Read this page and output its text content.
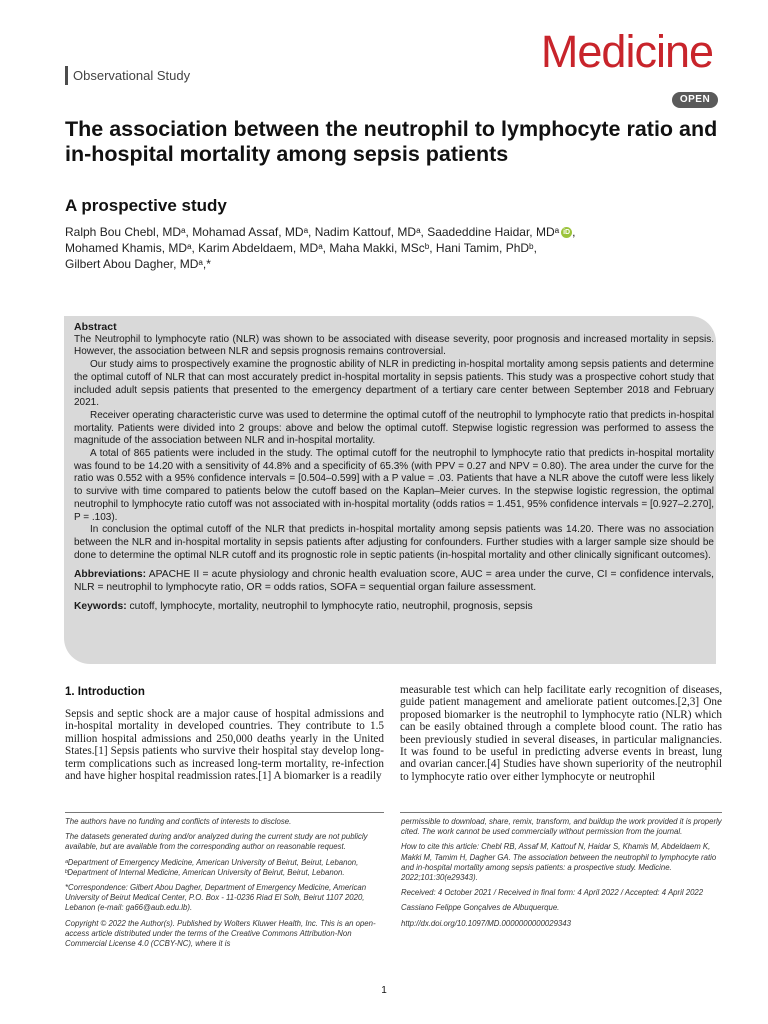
Observational Study	Medicine
OPEN
The association between the neutrophil to lymphocyte ratio and in-hospital mortality among sepsis patients
A prospective study
Ralph Bou Chebl, MDᵃ, Mohamad Assaf, MDᵃ, Nadim Kattouf, MDᵃ, Saadeddine Haidar, MDᵃ iD ,
Mohamed Khamis, MDᵃ, Karim Abdeldaem, MDᵃ, Maha Makki, MScᵇ, Hani Tamim, PhDᵇ,
Gilbert Abou Dagher, MDᵃ,*

Abstract

The Neutrophil to lymphocyte ratio (NLR) was shown to be associated with disease severity, poor prognosis and increased mortality in sepsis. However, the association between NLR and sepsis prognosis remains controversial.

Our study aims to prospectively examine the prognostic ability of NLR in predicting in-hospital mortality among sepsis patients and determine the optimal cutoff of NLR that can most accurately predict in-hospital mortality in sepsis patients. This study was a prospective cohort study that included adult sepsis patients that presented to the emergency department of a tertiary care center between September 2018 and February 2021.

Receiver operating characteristic curve was used to determine the optimal cutoff of the neutrophil to lymphocyte ratio that predicts in-hospital mortality. Patients were divided into 2 groups: above and below the optimal cutoff. Stepwise logistic regression was performed to assess the magnitude of the association between NLR and in-hospital mortality.

A total of 865 patients were included in the study. The optimal cutoff for the neutrophil to lymphocyte ratio that predicts in-hospital mortality was found to be 14.20 with a sensitivity of 44.8% and a specificity of 65.3% (with PPV = 0.27 and NPV = 0.80). The area under the curve for the ratio was 0.552 with a 95% confidence intervals = [0.504–0.599] with a P value = .03. Patients that have a NLR above the cutoff were less likely to survive with time compared to patients below the cutoff based on the Kaplan–Meier curves. In the stepwise logistic regression, the optimal neutrophil to lymphocyte ratio cutoff was not associated with in-hospital mortality (odds ratios = 1.451, 95% confidence intervals = [0.927–2.270], P = .103).

In conclusion the optimal cutoff of the NLR that predicts in-hospital mortality among sepsis patients was 14.20. There was no association between the NLR and in-hospital mortality in sepsis patients after adjusting for confounders. Further studies with a larger sample size should be done to determine the optimal NLR cutoff and its prognostic role in septic patients (in-hospital mortality and other clinically significant outcomes).

Abbreviations: APACHE II = acute physiology and chronic health evaluation score, AUC = area under the curve, CI = confidence intervals, NLR = neutrophil to lymphocyte ratio, OR = odds ratios, SOFA = sequential organ failure assessment.

Keywords: cutoff, lymphocyte, mortality, neutrophil to lymphocyte ratio, neutrophil, prognosis, sepsis

1. Introduction

Sepsis and septic shock are a major cause of hospital admissions and in-hospital mortality in developed countries. They contribute to 1.5 million hospital admissions and 250,000 deaths yearly in the United States.[1] Sepsis patients who survive their hospital stay develop long-term complications such as increased long-term mortality, re-infection and have higher hospital readmission rates.[1] A biomarker is a readily

measurable test which can help facilitate early recognition of diseases, guide patient management and ameliorate patient outcomes.[2,3] One proposed biomarker is the neutrophil to lymphocyte ratio (NLR) which can be easily obtained through a complete blood count. The ratio has been previously studied in several diseases, in particular malignancies. It was found to be useful in predicting adverse events in breast, lung and ovarian cancer.[4] Studies have shown superiority of the neutrophil to lymphocyte ratio over either lymphocyte or neutrophil

The authors have no funding and conflicts of interests to disclose.

The datasets generated during and/or analyzed during the current study are not publicly available, but are available from the corresponding author on reasonable request.

ᵃDepartment of Emergency Medicine, American University of Beirut, Beirut, Lebanon, ᵇDepartment of Internal Medicine, American University of Beirut, Beirut, Lebanon.

*Correspondence: Gilbert Abou Dagher, Department of Emergency Medicine, American University of Beirut Medical Center, P.O. Box - 11-0236 Riad El Solh, Beirut 1107 2020, Lebanon (e-mail: ga66@aub.edu.lb).

Copyright © 2022 the Author(s). Published by Wolters Kluwer Health, Inc. This is an open-access article distributed under the terms of the Creative Commons Attribution-Non Commercial License 4.0 (CCBY-NC), where it is

permissible to download, share, remix, transform, and buildup the work provided it is properly cited. The work cannot be used commercially without permission from the journal.

How to cite this article: Chebl RB, Assaf M, Kattouf N, Haidar S, Khamis M, Abdeldaem K, Makki M, Tamim H, Dagher GA. The association between the neutrophil to lymphocyte ratio and in-hospital mortality among sepsis patients: a prospective study. Medicine. 2022;101:30(e29343).

Received: 4 October 2021 / Received in final form: 4 April 2022 / Accepted: 4 April 2022

Cassiano Felippe Gonçalves de Albuquerque.

http://dx.doi.org/10.1097/MD.0000000000029343

1
